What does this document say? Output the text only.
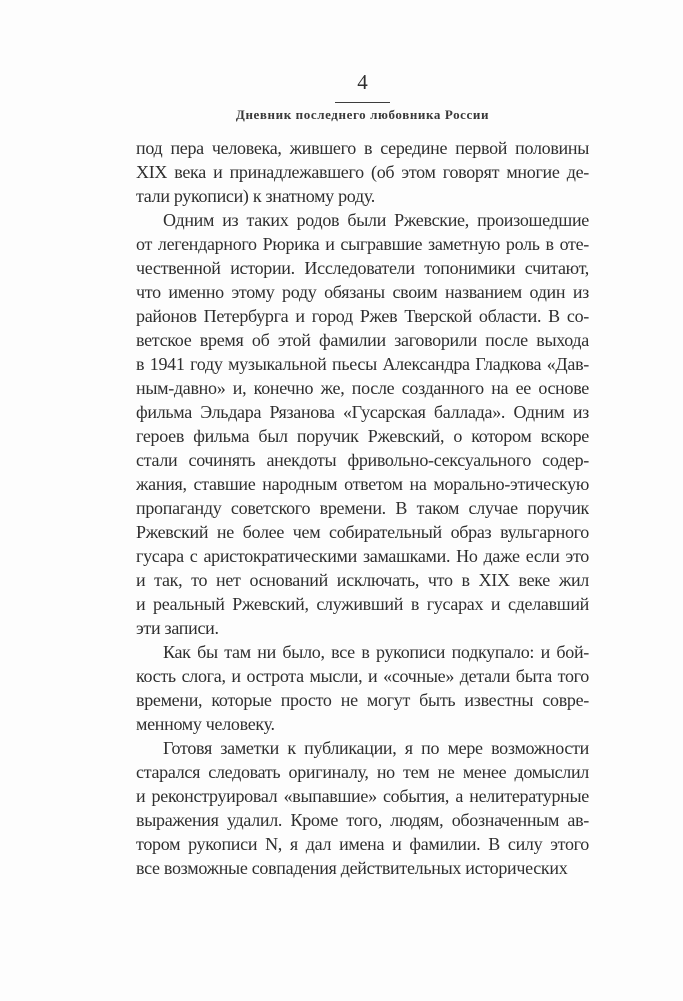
4
Дневник последнего любовника России
под пера человека, жившего в середине первой половины
XIX века и принадлежавшего (об этом говорят многие де-
тали рукописи) к знатному роду.
Одним из таких родов были Ржевские, произошедшие
от легендарного Рюрика и сыгравшие заметную роль в оте-
чественной истории. Исследователи топонимики считают,
что именно этому роду обязаны своим названием один из
районов Петербурга и город Ржев Тверской области. В со-
ветское время об этой фамилии заговорили после выхода
в 1941 году музыкальной пьесы Александра Гладкова «Дав-
ным-давно» и, конечно же, после созданного на ее основе
фильма Эльдара Рязанова «Гусарская баллада». Одним из
героев фильма был поручик Ржевский, о котором вскоре
стали сочинять анекдоты фривольно-сексуального содер-
жания, ставшие народным ответом на морально-этическую
пропаганду советского времени. В таком случае поручик
Ржевский не более чем собирательный образ вульгарного
гусара с аристократическими замашками. Но даже если это
и так, то нет оснований исключать, что в XIX веке жил
и реальный Ржевский, служивший в гусарах и сделавший
эти записи.
Как бы там ни было, все в рукописи подкупало: и бой-
кость слога, и острота мысли, и «сочные» детали быта того
времени, которые просто не могут быть известны совре-
менному человеку.
Готовя заметки к публикации, я по мере возможности
старался следовать оригиналу, но тем не менее домыслил
и реконструировал «выпавшие» события, а нелитературные
выражения удалил. Кроме того, людям, обозначенным ав-
тором рукописи N, я дал имена и фамилии. В силу этого
все возможные совпадения действительных исторических
